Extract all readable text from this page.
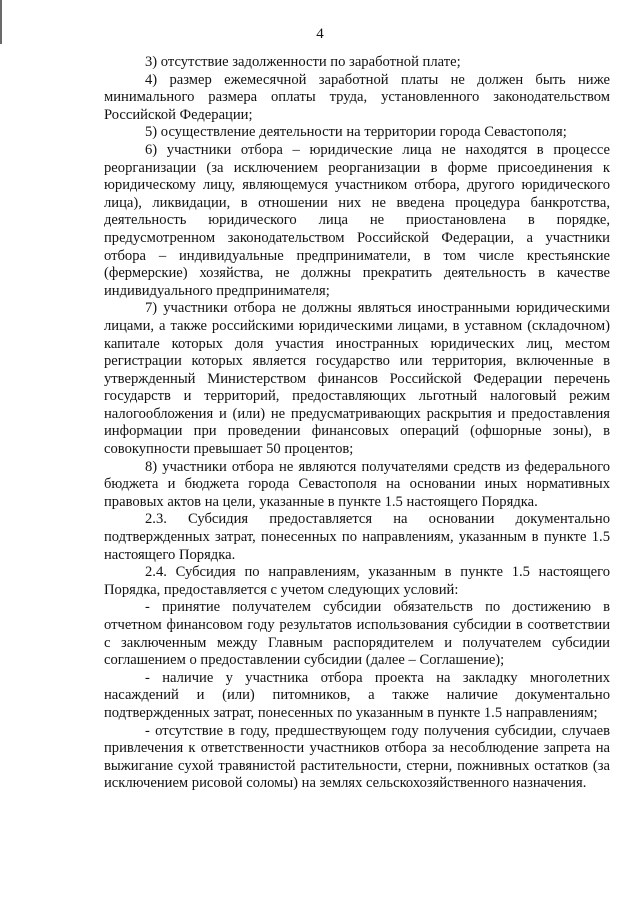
4

3) отсутствие задолженности по заработной плате;

4) размер ежемесячной заработной платы не должен быть ниже минимального размера оплаты труда, установленного законодательством Российской Федерации;

5) осуществление деятельности на территории города Севастополя;

6) участники отбора – юридические лица не находятся в процессе реорганизации (за исключением реорганизации в форме присоединения к юридическому лицу, являющемуся участником отбора, другого юридического лица), ликвидации, в отношении них не введена процедура банкротства, деятельность юридического лица не приостановлена в порядке, предусмотренном законодательством Российской Федерации, а участники отбора – индивидуальные предприниматели, в том числе крестьянские (фермерские) хозяйства, не должны прекратить деятельность в качестве индивидуального предпринимателя;

7) участники отбора не должны являться иностранными юридическими лицами, а также российскими юридическими лицами, в уставном (складочном) капитале которых доля участия иностранных юридических лиц, местом регистрации которых является государство или территория, включенные в утвержденный Министерством финансов Российской Федерации перечень государств и территорий, предоставляющих льготный налоговый режим налогообложения и (или) не предусматривающих раскрытия и предоставления информации при проведении финансовых операций (офшорные зоны), в совокупности превышает 50 процентов;

8) участники отбора не являются получателями средств из федерального бюджета и бюджета города Севастополя на основании иных нормативных правовых актов на цели, указанные в пункте 1.5 настоящего Порядка.

2.3. Субсидия предоставляется на основании документально подтвержденных затрат, понесенных по направлениям, указанным в пункте 1.5 настоящего Порядка.

2.4. Субсидия по направлениям, указанным в пункте 1.5 настоящего Порядка, предоставляется с учетом следующих условий:

- принятие получателем субсидии обязательств по достижению в отчетном финансовом году результатов использования субсидии в соответствии с заключенным между Главным распорядителем и получателем субсидии соглашением о предоставлении субсидии (далее – Соглашение);

- наличие у участника отбора проекта на закладку многолетних насаждений и (или) питомников, а также наличие документально подтвержденных затрат, понесенных по указанным в пункте 1.5 направлениям;

- отсутствие в году, предшествующем году получения субсидии, случаев привлечения к ответственности участников отбора за несоблюдение запрета на выжигание сухой травянистой растительности, стерни, пожнивных остатков (за исключением рисовой соломы) на землях сельскохозяйственного назначения.
